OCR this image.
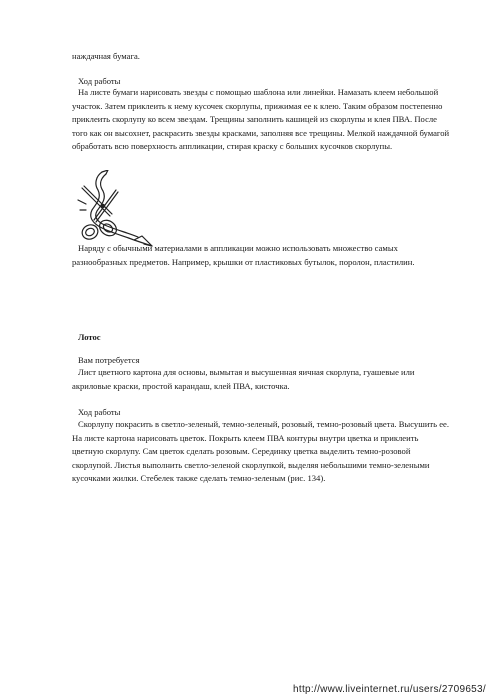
наждачная бумага.

Ход работы

На листе бумаги нарисовать звезды с помощью шаблона или линейки. Намазать клеем небольшой участок. Затем приклеить к нему кусочек скорлупы, прижимая ее к клею. Таким образом постепенно приклеить скорлупу ко всем звездам. Трещины заполнить кашицей из скорлупы и клея ПВА. После того как он высохнет, раскрасить звезды красками, заполняя все трещины. Мелкой наждачной бумагой обработать всю поверхность аппликации, стирая краску с больших кусочков скорлупы.

Наряду с обычными материалами в аппликации можно использовать множество самых разнообразных предметов. Например, крышки от пластиковых бутылок, поролон, пластилин.

Лотос

Вам потребуется

Лист цветного картона для основы, вымытая и высушенная яичная скорлупа, гуашевые или акриловые краски, простой карандаш, клей ПВА, кисточка.

Ход работы

Скорлупу покрасить в светло-зеленый, темно-зеленый, розовый, темно-розовый цвета. Высушить ее. На листе картона нарисовать цветок. Покрыть клеем ПВА контуры внутри цветка и приклеить цветную скорлупу. Сам цветок сделать розовым. Серединку цветка выделить темно-розовой скорлупой. Листья выполнить светло-зеленой скорлупкой, выделяя небольшими темно-зелеными кусочками жилки. Стебелек также сделать темно-зеленым (рис. 134).

http://www.liveinternet.ru/users/2709653/
